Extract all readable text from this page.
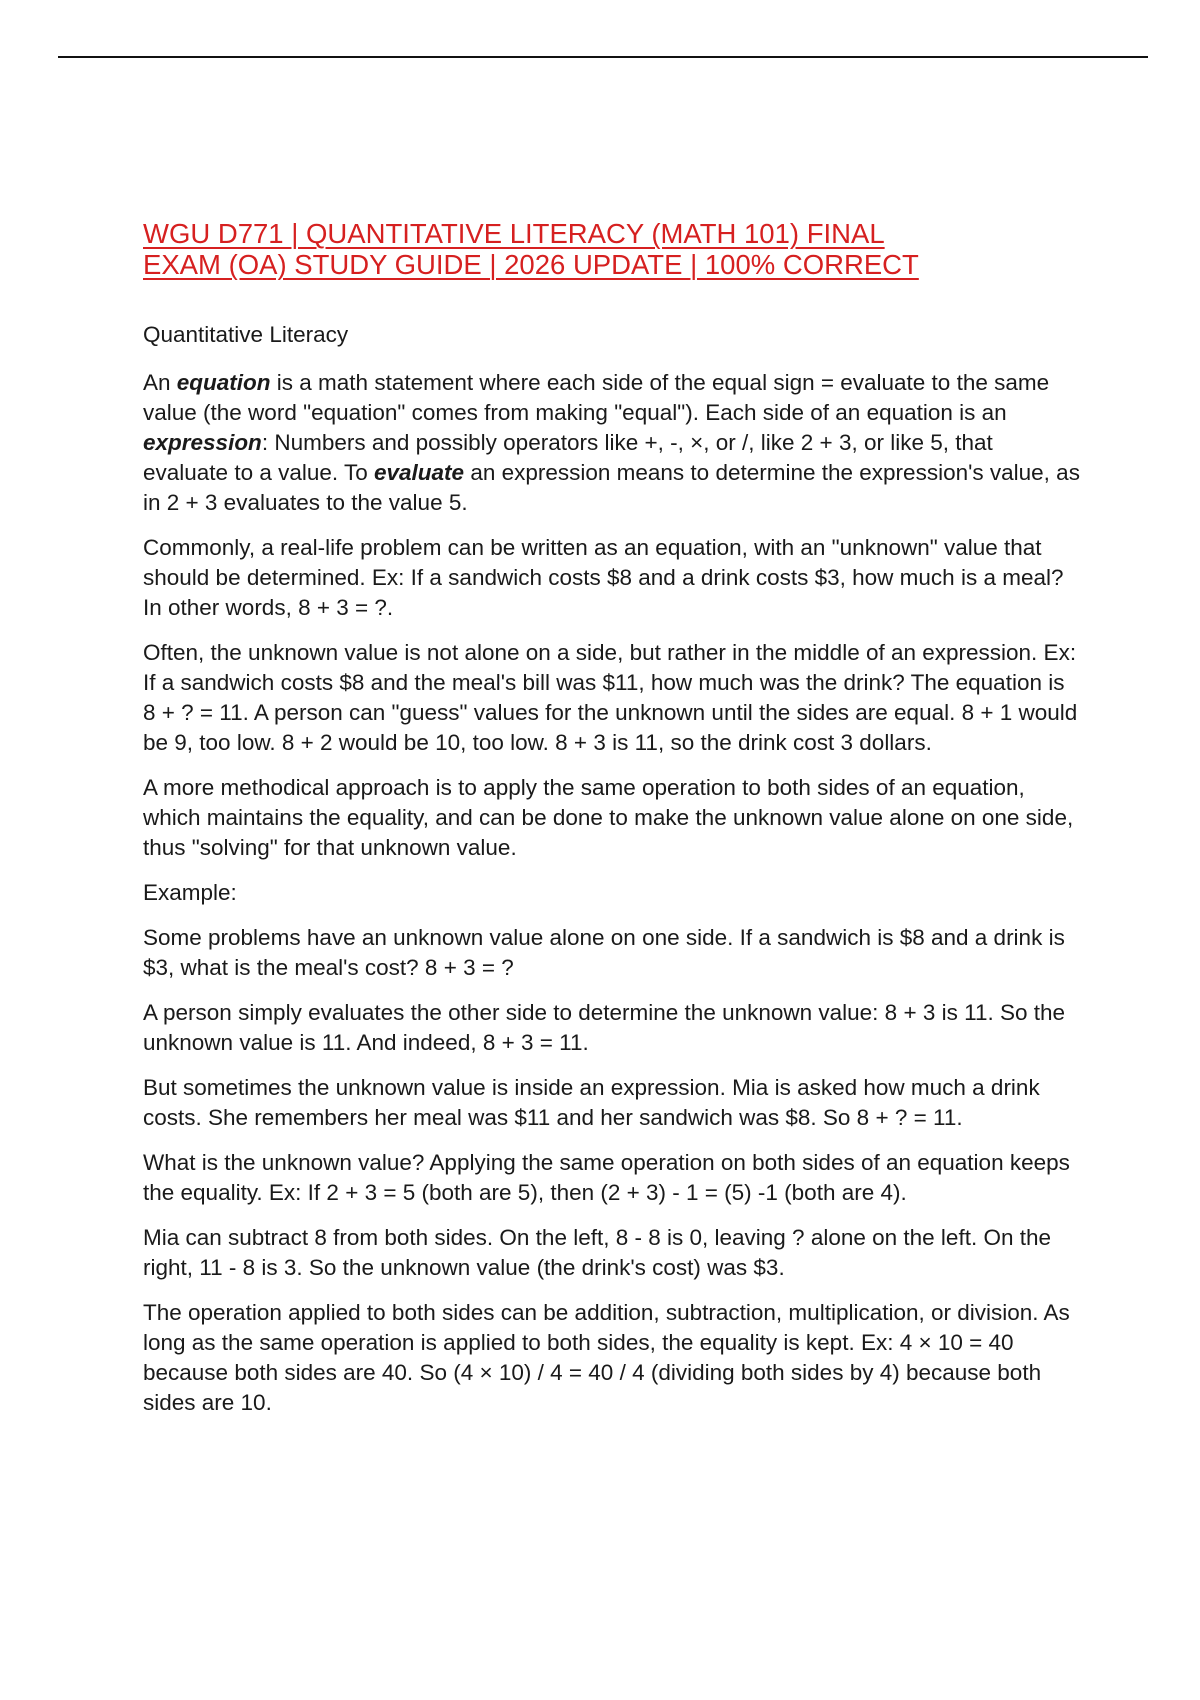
WGU D771 | QUANTITATIVE LITERACY (MATH 101) FINAL
EXAM (OA) STUDY GUIDE | 2026 UPDATE | 100% CORRECT

Quantitative Literacy

An equation is a math statement where each side of the equal sign = evaluate to the same value (the word "equation" comes from making "equal"). Each side of an equation is an expression: Numbers and possibly operators like +, -, ×, or /, like 2 + 3, or like 5, that evaluate to a value. To evaluate an expression means to determine the expression's value, as in 2 + 3 evaluates to the value 5.

Commonly, a real-life problem can be written as an equation, with an "unknown" value that should be determined. Ex: If a sandwich costs $8 and a drink costs $3, how much is a meal? In other words, 8 + 3 = ?.

Often, the unknown value is not alone on a side, but rather in the middle of an expression. Ex: If a sandwich costs $8 and the meal's bill was $11, how much was the drink? The equation is 8 + ? = 11. A person can "guess" values for the unknown until the sides are equal. 8 + 1 would be 9, too low. 8 + 2 would be 10, too low. 8 + 3 is 11, so the drink cost 3 dollars.

A more methodical approach is to apply the same operation to both sides of an equation, which maintains the equality, and can be done to make the unknown value alone on one side, thus "solving" for that unknown value.

Example:

Some problems have an unknown value alone on one side. If a sandwich is $8 and a drink is $3, what is the meal's cost? 8 + 3 = ?

A person simply evaluates the other side to determine the unknown value: 8 + 3 is 11. So the unknown value is 11. And indeed, 8 + 3 = 11.

But sometimes the unknown value is inside an expression. Mia is asked how much a drink costs. She remembers her meal was $11 and her sandwich was $8. So 8 + ? = 11.

What is the unknown value? Applying the same operation on both sides of an equation keeps the equality. Ex: If 2 + 3 = 5 (both are 5), then (2 + 3) - 1 = (5) -1 (both are 4).

Mia can subtract 8 from both sides. On the left, 8 - 8 is 0, leaving ? alone on the left. On the right, 11 - 8 is 3. So the unknown value (the drink's cost) was $3.

The operation applied to both sides can be addition, subtraction, multiplication, or division. As long as the same operation is applied to both sides, the equality is kept. Ex: 4 × 10 = 40 because both sides are 40. So (4 × 10) / 4 = 40 / 4 (dividing both sides by 4) because both sides are 10.
